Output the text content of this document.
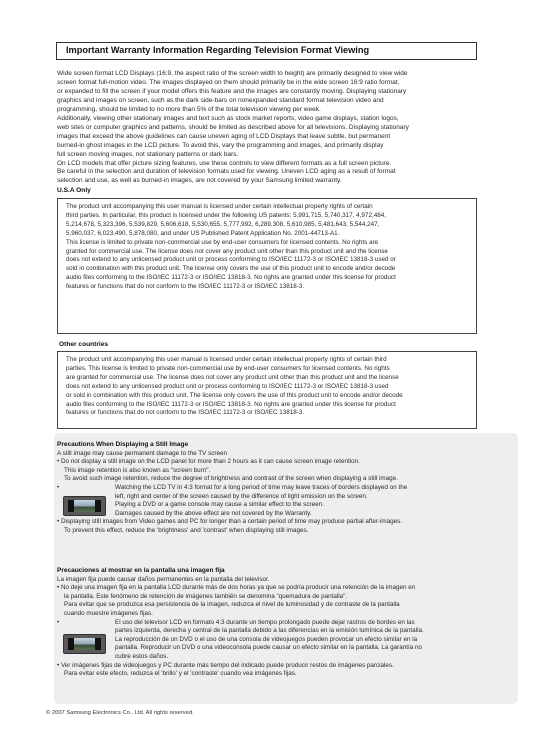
Important Warranty Information Regarding Television Format Viewing

Wide screen format LCD Displays (16:9, the aspect ratio of the screen width to height) are primarily designed to view wide

screen format full-motion video. The images displayed on them should primarily be in the wide screen 16:9 ratio format,

or expanded to fill the screen if your model offers this feature and the images are constantly moving. Displaying stationary

graphics and images on screen, such as the dark side-bars on nonexpanded standard format television video and

programming, should be limited to no more than 5% of the total television viewing per week.

Additionally, viewing other stationary images and text such as stock market reports, video game displays, station logos,

web sites or computer graphics and patterns, should be limited as described above for all televisions. Displaying stationary

images that exceed the above guidelines can cause uneven aging of LCD Displays that leave subtle, but permanent

burned-in ghost images in the LCD picture. To avoid this, vary the programming and images, and primarily display

full screen moving images, not stationary patterns or dark bars.

On LCD models that offer picture sizing features, use these controls to view different formats as a full screen picture.

Be careful in the selection and duration of television formats used for viewing. Uneven LCD aging as a result of format

selection and use, as well as burned-in images, are not covered by your Samsung limited warranty.

U.S.A Only

The product unit accompanying this user manual is licensed under certain intellectual property rights of certain

third parties. In particular, this product is licensed under the following US patents: 5,991,715, 5,740,317, 4,972,484,

5,214,678, 5,323,396, 5,539,829, 5,606,618, 5,530,655, 5,777,992, 6,289,308, 5,610,985, 5,481,643, 5,544,247,

5,960,037, 6,023,490, 5,878,080, and under US Published Patent Application No. 2001-44713-A1.

This license is limited to private non-commercial use by end-user consumers for licensed contents. No rights are

granted for commercial use. The license does not cover any product unit other than this product unit and the license

does not extend to any unlicensed product unit or process conforming to ISO/IEC 11172-3 or ISO/IEC 13818-3 used or

sold in combination with this product unit. The license only covers the use of this product unit to encode and/or decode

audio files conforming to the ISO/IEC 11172-3 or ISO/IEC 13818-3. No rights are granted under this license for product

features or functions that do not conform to the ISO/IEC 11172-3 or ISO/IEC 13818-3.

Other countries

The product unit accompanying this user manual is licensed under certain intellectual property rights of certain third

parties. This license is limited to private non-commercial use by end-user consumers for licensed contents. No rights

are granted for commercial use. The license does not cover any product unit other than this product unit and the license

does not extend to any unlicensed product unit or process conforming to ISO/IEC 11172-3 or ISO/IEC 13818-3 used

or sold in combination with this product unit. The license only covers the use of this product unit to encode and/or decode

audio files conforming to the ISO/IEC 11172-3 or ISO/IEC 13818-3. No rights are granted under this license for product

features or functions that do not conform to the ISO/IEC 11172-3 or ISO/IEC 13818-3.

Precautions When Displaying a Still Image

A still image may cause permanent damage to the TV screen

• Do not display a still image on the LCD panel for more than 2 hours as it can cause screen image retention.

This image retention is also known as "screen burn".

To avoid such image retention, reduce the degree of brightness and contrast of the screen when displaying a still image.

•	Watching the LCD TV in 4:3 format for a long period of time may leave traces of borders displayed on the

left, right and center of the screen caused by the difference of light emission on the screen.

Playing a DVD or a game console may cause a similar effect to the screen.

Damages caused by the above effect are not covered by the Warranty.

• Displaying still images from Video games and PC for longer than a certain period of time may produce partial after-images.

To prevent this effect, reduce the 'brightness' and 'contrast' when displaying still images.

Precauciones al mostrar en la pantalla una imagen fija

La imagen fija puede causar daños permanentes en la pantalla del televisor.

• No deje una imagen fija en la pantalla LCD durante más de dos horas ya que se podría producir una retención de la imagen en

la pantalla. Este fenómeno de retención de imágenes también se denomina "quemadura de pantalla".

Para evitar que se produzca esa persistencia de la imagen, reduzca el nivel de luminosidad y de contraste de la pantalla

cuando muestre imágenes fijas.

•	El uso del televisor LCD en formato 4:3 durante un tiempo prolongado puede dejar rastros de bordes en las

partes izquierda, derecha y central de la pantalla debido a las diferencias en la emisión lumínica de la pantalla.

La reproducción de un DVD o el uso de una consola de videojuegos pueden provocar un efecto similar en la

pantalla. Reproducir un DVD o una videoconsola puede causar un efecto similar en la pantalla. La garantía no

cubre estos daños.

• Ver imágenes fijas de videojuegos y PC durante más tiempo del indicado puede producir restos de imágenes parciales.

Para evitar este efecto, reduzca el 'brillo' y el 'contraste' cuando vea imágenes fijas.

© 2007 Samsung Electronics Co., Ltd. All rights reserved.
